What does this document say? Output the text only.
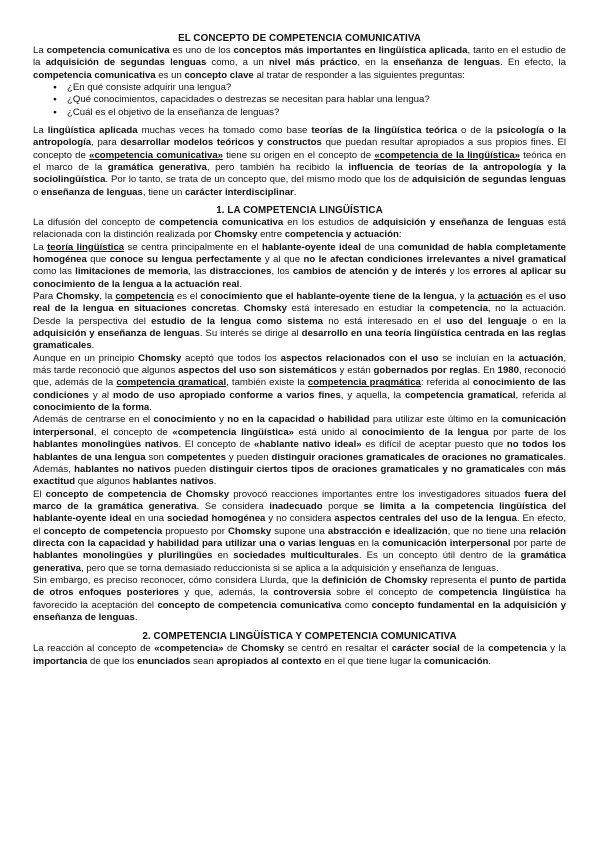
EL CONCEPTO DE COMPETENCIA COMUNICATIVA

La competencia comunicativa es uno de los conceptos más importantes en lingüística aplicada, tanto en el estudio de la adquisición de segundas lenguas como, a un nivel más práctico, en la enseñanza de lenguas. En efecto, la competencia comunicativa es un concepto clave al tratar de responder a las siguientes preguntas:

● ¿En qué consiste adquirir una lengua?
● ¿Qué conocimientos, capacidades o destrezas se necesitan para hablar una lengua?
● ¿Cuál es el objetivo de la enseñanza de lenguas?

La lingüística aplicada muchas veces ha tomado como base teorías de la lingüística teórica o de la psicología o la antropología, para desarrollar modelos teóricos y constructos que puedan resultar apropiados a sus propios fines. El concepto de «competencia comunicativa» tiene su origen en el concepto de «competencia de la lingüística» teórica en el marco de la gramática generativa, pero también ha recibido la influencia de teorías de la antropología y la sociolingüística. Por lo tanto, se trata de un concepto que, del mismo modo que los de adquisición de segundas lenguas o enseñanza de lenguas, tiene un carácter interdisciplinar.

1. LA COMPETENCIA LINGÜÍSTICA

La difusión del concepto de competencia comunicativa en los estudios de adquisición y enseñanza de lenguas está relacionada con la distinción realizada por Chomsky entre competencia y actuación:

La teoría lingüística se centra principalmente en el hablante-oyente ideal de una comunidad de habla completamente homogénea que conoce su lengua perfectamente y al que no le afectan condiciones irrelevantes a nivel gramatical como las limitaciones de memoria, las distracciones, los cambios de atención y de interés y los errores al aplicar su conocimiento de la lengua a la actuación real.

Para Chomsky, la competencia es el conocimiento que el hablante-oyente tiene de la lengua, y la actuación es el uso real de la lengua en situaciones concretas. Chomsky está interesado en estudiar la competencia, no la actuación. Desde la perspectiva del estudio de la lengua como sistema no está interesado en el uso del lenguaje o en la adquisición y enseñanza de lenguas. Su interés se dirige al desarrollo en una teoría lingüística centrada en las reglas gramaticales.

Aunque en un principio Chomsky aceptó que todos los aspectos relacionados con el uso se incluían en la actuación, más tarde reconoció que algunos aspectos del uso son sistemáticos y están gobernados por reglas. En 1980, reconoció que, además de la competencia gramatical, también existe la competencia pragmática: referida al conocimiento de las condiciones y al modo de uso apropiado conforme a varios fines, y aquella, la competencia gramatical, referida al conocimiento de la forma.

Además de centrarse en el conocimiento y no en la capacidad o habilidad para utilizar este último en la comunicación interpersonal, el concepto de «competencia lingüística» está unido al conocimiento de la lengua por parte de los hablantes monolingües nativos. El concepto de «hablante nativo ideal» es difícil de aceptar puesto que no todos los hablantes de una lengua son competentes y pueden distinguir oraciones gramaticales de oraciones no gramaticales. Además, hablantes no nativos pueden distinguir ciertos tipos de oraciones gramaticales y no gramaticales con más exactitud que algunos hablantes nativos.

El concepto de competencia de Chomsky provocó reacciones importantes entre los investigadores situados fuera del marco de la gramática generativa. Se considera inadecuado porque se limita a la competencia lingüística del hablante-oyente ideal en una sociedad homogénea y no considera aspectos centrales del uso de la lengua. En efecto, el concepto de competencia propuesto por Chomsky supone una abstracción e idealización, que no tiene una relación directa con la capacidad y habilidad para utilizar una o varias lenguas en la comunicación interpersonal por parte de hablantes monolingües y plurilingües en sociedades multiculturales. Es un concepto útil dentro de la gramática generativa, pero que se torna demasiado reduccionista si se aplica a la adquisición y enseñanza de lenguas.

Sin embargo, es preciso reconocer, cómo considera Llurda, que la definición de Chomsky representa el punto de partida de otros enfoques posteriores y que, además, la controversia sobre el concepto de competencia lingüística ha favorecido la aceptación del concepto de competencia comunicativa como concepto fundamental en la adquisición y enseñanza de lenguas.

2. COMPETENCIA LINGÜÍSTICA Y COMPETENCIA COMUNICATIVA

La reacción al concepto de «competencia» de Chomsky se centró en resaltar el carácter social de la competencia y la importancia de que los enunciados sean apropiados al contexto en el que tiene lugar la comunicación.
